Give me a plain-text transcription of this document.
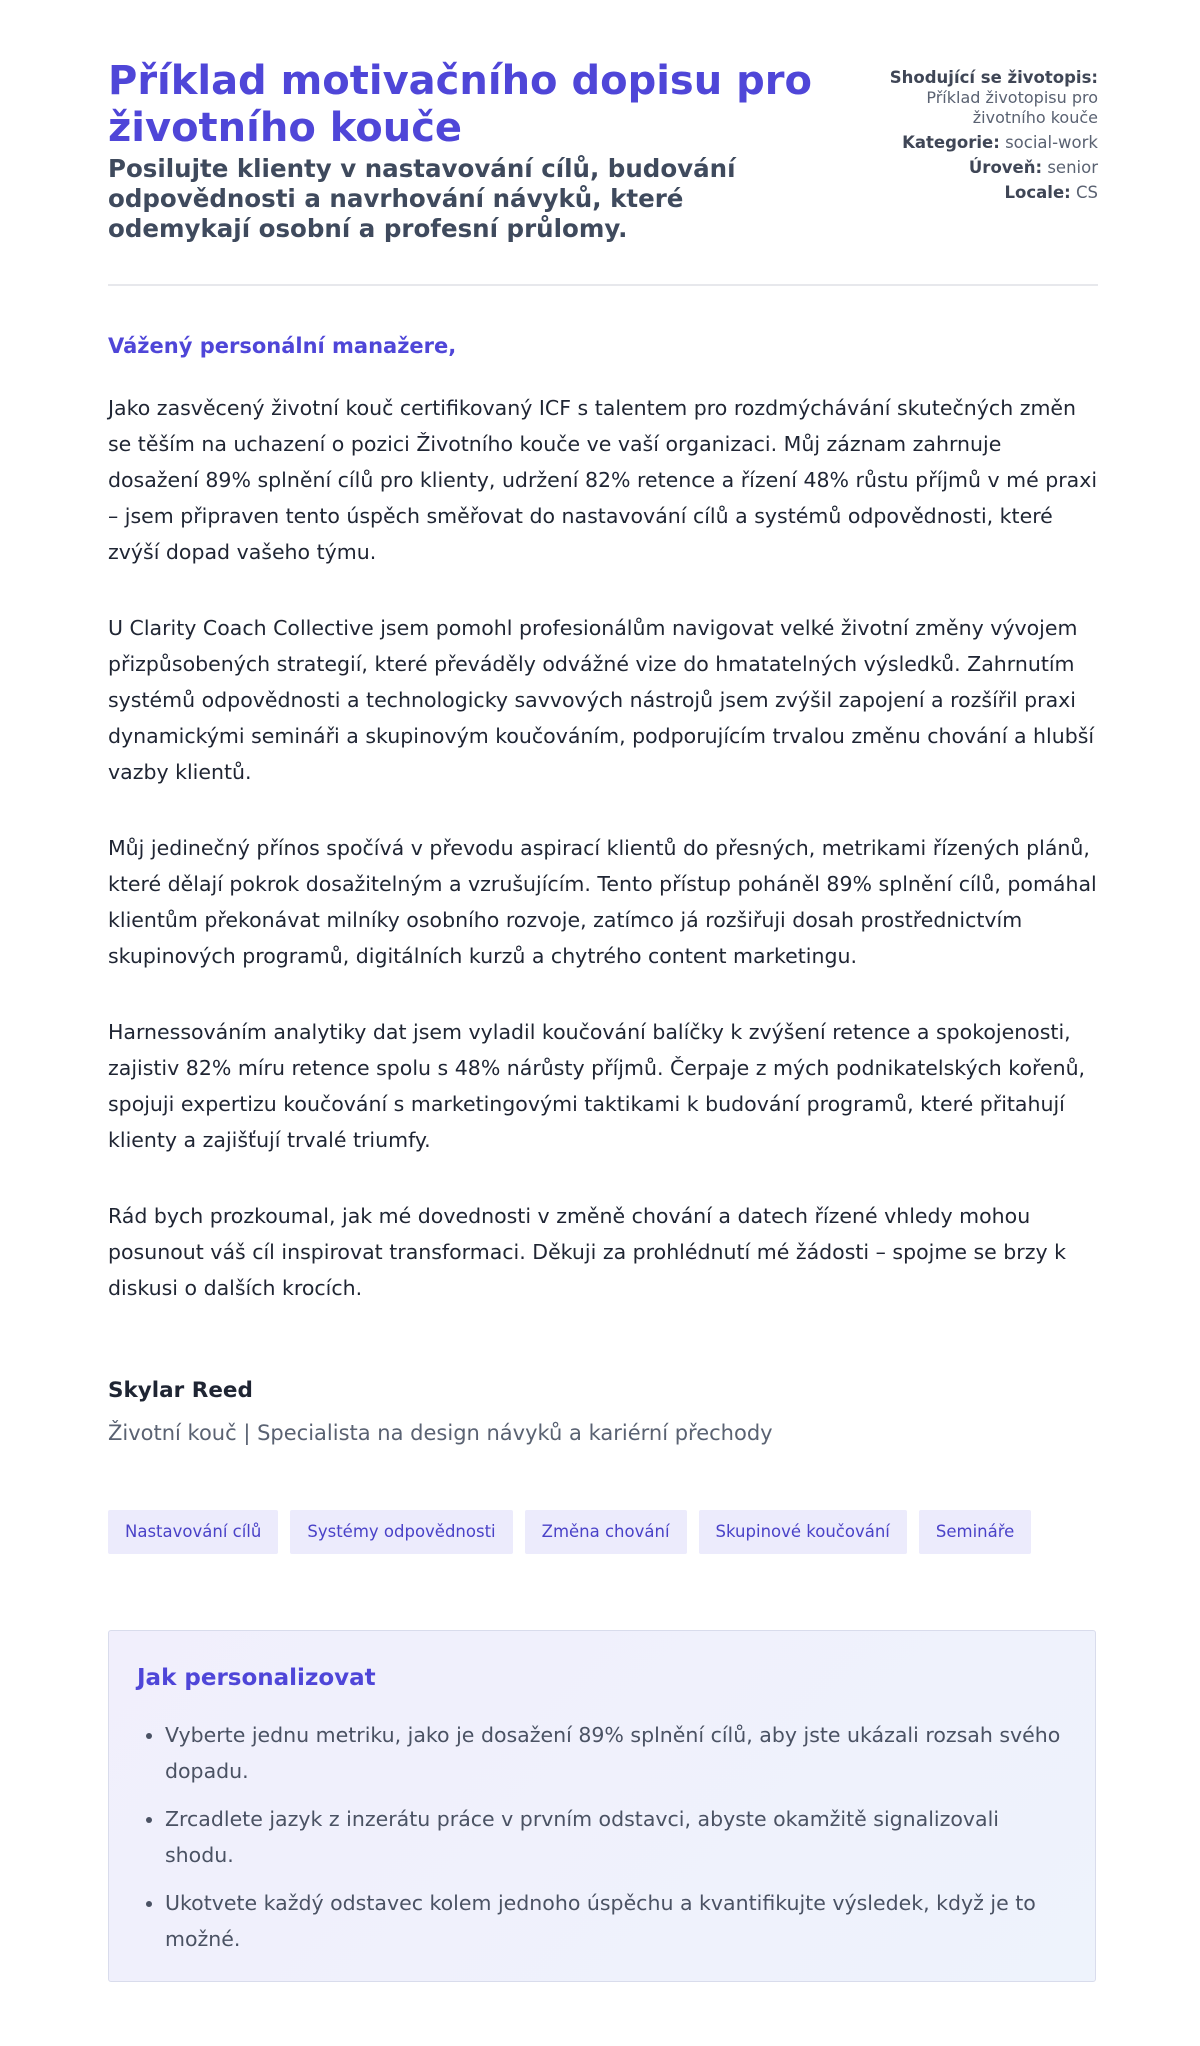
Příklad motivačního dopisu pro životního kouče
Posilujte klienty v nastavování cílů, budování odpovědnosti a navrhování návyků, které odemykají osobní a profesní průlomy.
Shodující se životopis:
Příklad životopisu pro životního kouče
Kategorie: social-work
Úroveň: senior
Locale: CS
Vážený personální manažere,

Jako zasvěcený životní kouč certifikovaný ICF s talentem pro rozdmýchávání skutečných změn se těším na uchazení o pozici Životního kouče ve vaší organizaci. Můj záznam zahrnuje dosažení 89% splnění cílů pro klienty, udržení 82% retence a řízení 48% růstu příjmů v mé praxi – jsem připraven tento úspěch směřovat do nastavování cílů a systémů odpovědnosti, které zvýší dopad vašeho týmu.

U Clarity Coach Collective jsem pomohl profesionálům navigovat velké životní změny vývojem přizpůsobených strategií, které převáděly odvážné vize do hmatatelných výsledků. Zahrnutím systémů odpovědnosti a technologicky savvových nástrojů jsem zvýšil zapojení a rozšířil praxi dynamickými semináři a skupinovým koučováním, podporujícím trvalou změnu chování a hlubší vazby klientů.

Můj jedinečný přínos spočívá v převodu aspirací klientů do přesných, metrikami řízených plánů, které dělají pokrok dosažitelným a vzrušujícím. Tento přístup poháněl 89% splnění cílů, pomáhal klientům překonávat milníky osobního rozvoje, zatímco já rozšiřuji dosah prostřednictvím skupinových programů, digitálních kurzů a chytrého content marketingu.

Harnessováním analytiky dat jsem vyladil koučování balíčky k zvýšení retence a spokojenosti, zajistiv 82% míru retence spolu s 48% nárůsty příjmů. Čerpaje z mých podnikatelských kořenů, spojuji expertizu koučování s marketingovými taktikami k budování programů, které přitahují klienty a zajišťují trvalé triumfy.

Rád bych prozkoumal, jak mé dovednosti v změně chování a datech řízené vhledy mohou posunout váš cíl inspirovat transformaci. Děkuji za prohlédnutí mé žádosti – spojme se brzy k diskusi o dalších krocích.

Skylar Reed
Životní kouč | Specialista na design návyků a kariérní přechody
Nastavování cílů	Systémy odpovědnosti	Změna chování	Skupinové koučování	Semináře
Jak personalizovat
• Vyberte jednu metriku, jako je dosažení 89% splnění cílů, aby jste ukázali rozsah svého dopadu.
• Zrcadlete jazyk z inzerátu práce v prvním odstavci, abyste okamžitě signalizovali shodu.
• Ukotvete každý odstavec kolem jednoho úspěchu a kvantifikujte výsledek, když je to možné.
